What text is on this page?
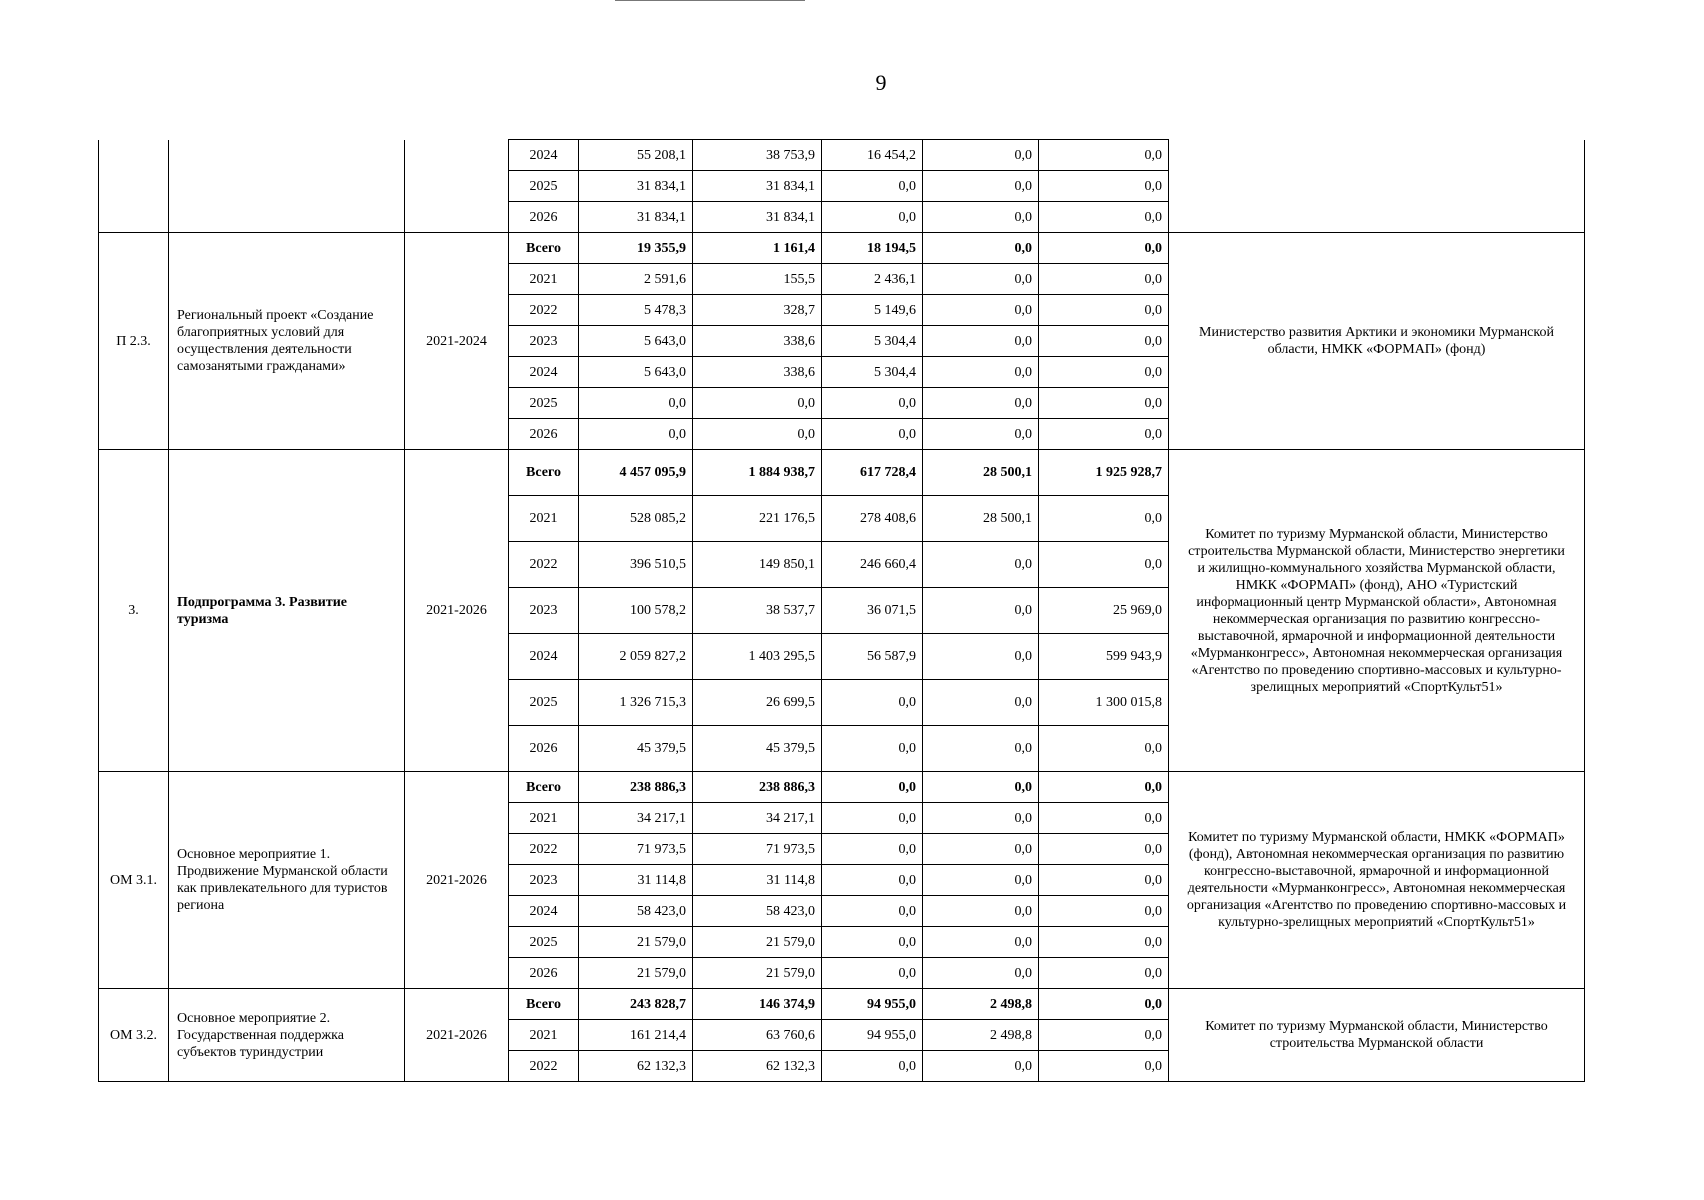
9
			2024	55 208,1	38 753,9	16 454,2	0,0	0,0	
			2025	31 834,1	31 834,1	0,0	0,0	0,0	
			2026	31 834,1	31 834,1	0,0	0,0	0,0	
П 2.3.	Региональный проект «Создание благоприятных условий для осуществления деятельности самозанятыми гражданами»	2021-2024	Всего	19 355,9	1 161,4	18 194,5	0,0	0,0	Министерство развития Арктики и экономики Мурманской области, НМКК «ФОРМАП» (фонд)
			2021	2 591,6	155,5	2 436,1	0,0	0,0	
			2022	5 478,3	328,7	5 149,6	0,0	0,0	
			2023	5 643,0	338,6	5 304,4	0,0	0,0	
			2024	5 643,0	338,6	5 304,4	0,0	0,0	
			2025	0,0	0,0	0,0	0,0	0,0	
			2026	0,0	0,0	0,0	0,0	0,0	
3.	Подпрограмма 3. Развитие туризма	2021-2026	Всего	4 457 095,9	1 884 938,7	617 728,4	28 500,1	1 925 928,7	Комитет по туризму Мурманской области, Министерство строительства Мурманской области, Министерство энергетики и жилищно-коммунального хозяйства Мурманской области, НМКК «ФОРМАП» (фонд), АНО «Туристский информационный центр Мурманской области», Автономная некоммерческая организация по развитию конгрессно-выставочной, ярмарочной и информационной деятельности «Мурманконгресс», Автономная некоммерческая организация «Агентство по проведению спортивно-массовых и культурно-зрелищных мероприятий «СпортКульт51»
			2021	528 085,2	221 176,5	278 408,6	28 500,1	0,0	
			2022	396 510,5	149 850,1	246 660,4	0,0	0,0	
			2023	100 578,2	38 537,7	36 071,5	0,0	25 969,0	
			2024	2 059 827,2	1 403 295,5	56 587,9	0,0	599 943,9	
			2025	1 326 715,3	26 699,5	0,0	0,0	1 300 015,8	
			2026	45 379,5	45 379,5	0,0	0,0	0,0	
ОМ 3.1.	Основное мероприятие 1. Продвижение Мурманской области как привлекательного для туристов региона	2021-2026	Всего	238 886,3	238 886,3	0,0	0,0	0,0	Комитет по туризму Мурманской области, НМКК «ФОРМАП» (фонд), Автономная некоммерческая организация по развитию конгрессно-выставочной, ярмарочной и информационной деятельности «Мурманконгресс», Автономная некоммерческая организация «Агентство по проведению спортивно-массовых и культурно-зрелищных мероприятий «СпортКульт51»
			2021	34 217,1	34 217,1	0,0	0,0	0,0	
			2022	71 973,5	71 973,5	0,0	0,0	0,0	
			2023	31 114,8	31 114,8	0,0	0,0	0,0	
			2024	58 423,0	58 423,0	0,0	0,0	0,0	
			2025	21 579,0	21 579,0	0,0	0,0	0,0	
			2026	21 579,0	21 579,0	0,0	0,0	0,0	
ОМ 3.2.	Основное мероприятие 2. Государственная поддержка субъектов туриндустрии	2021-2026	Всего	243 828,7	146 374,9	94 955,0	2 498,8	0,0	Комитет по туризму Мурманской области, Министерство строительства Мурманской области
			2021	161 214,4	63 760,6	94 955,0	2 498,8	0,0	
			2022	62 132,3	62 132,3	0,0	0,0	0,0	
